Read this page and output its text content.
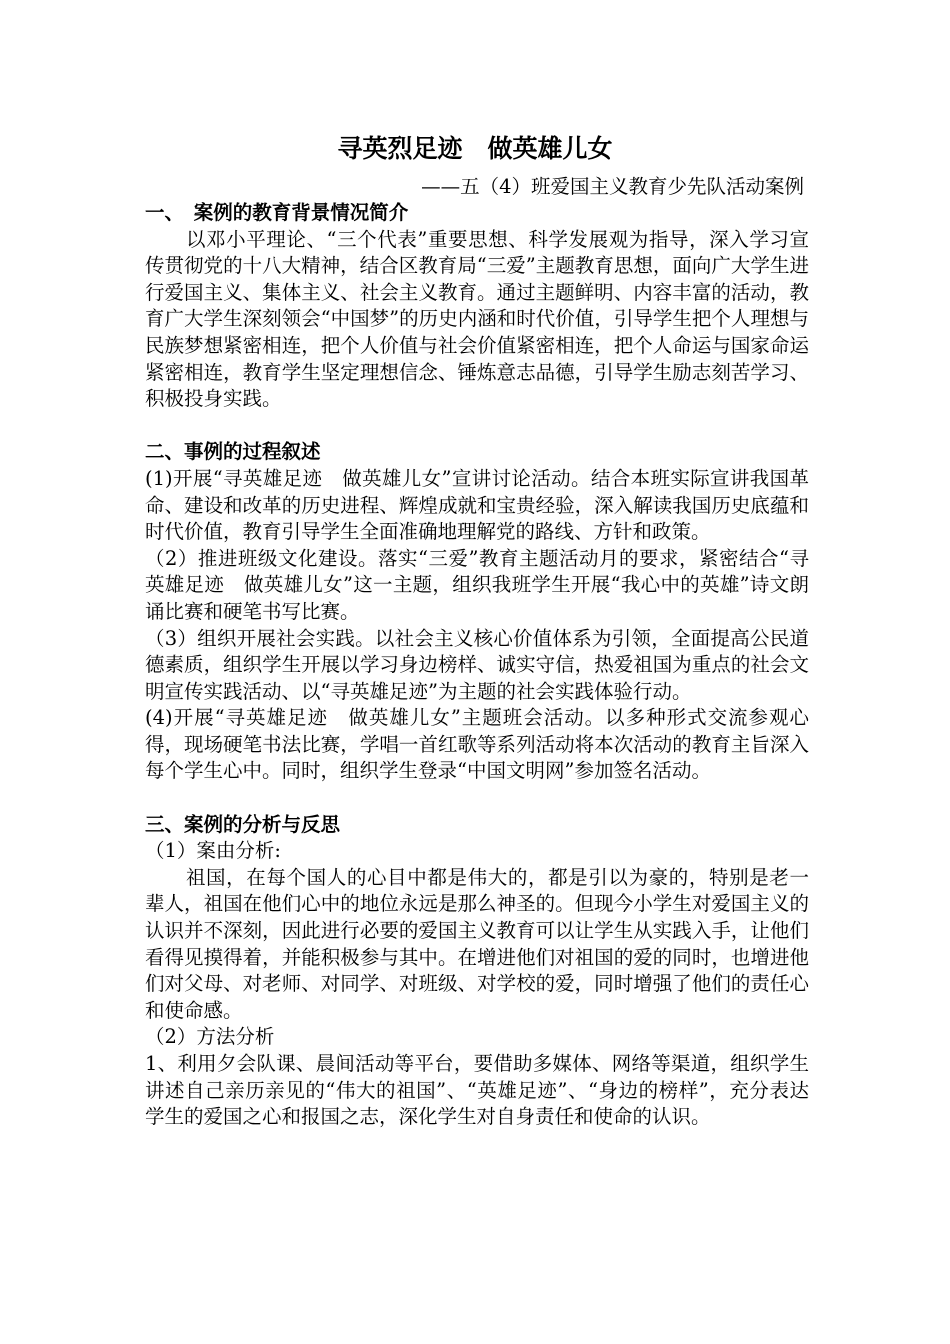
寻英烈足迹　做英雄儿女
——五（4）班爱国主义教育少先队活动案例

一、　案例的教育背景情况简介

以邓小平理论、“三个代表”重要思想、科学发展观为指导，深入学习宣传贯彻党的十八大精神，结合区教育局“三爱”主题教育思想，面向广大学生进行爱国主义、集体主义、社会主义教育。通过主题鲜明、内容丰富的活动，教育广大学生深刻领会“中国梦”的历史内涵和时代价值，引导学生把个人理想与民族梦想紧密相连，把个人价值与社会价值紧密相连，把个人命运与国家命运紧密相连，教育学生坚定理想信念、锤炼意志品德，引导学生励志刻苦学习、积极投身实践。

二、事例的过程叙述

(1)开展“寻英雄足迹　做英雄儿女”宣讲讨论活动。结合本班实际宣讲我国革命、建设和改革的历史进程、辉煌成就和宝贵经验，深入解读我国历史底蕴和时代价值，教育引导学生全面准确地理解党的路线、方针和政策。

（2）推进班级文化建设。落实“三爱”教育主题活动月的要求，紧密结合“寻英雄足迹　做英雄儿女”这一主题，组织我班学生开展“我心中的英雄”诗文朗诵比赛和硬笔书写比赛。

（3）组织开展社会实践。以社会主义核心价值体系为引领，全面提高公民道德素质，组织学生开展以学习身边榜样、诚实守信，热爱祖国为重点的社会文明宣传实践活动、以“寻英雄足迹”为主题的社会实践体验行动。

(4)开展“寻英雄足迹　做英雄儿女”主题班会活动。以多种形式交流参观心得，现场硬笔书法比赛，学唱一首红歌等系列活动将本次活动的教育主旨深入每个学生心中。同时，组织学生登录“中国文明网”参加签名活动。

三、案例的分析与反思

（1）案由分析:

祖国，在每个国人的心目中都是伟大的，都是引以为豪的，特别是老一辈人，祖国在他们心中的地位永远是那么神圣的。但现今小学生对爱国主义的认识并不深刻，因此进行必要的爱国主义教育可以让学生从实践入手，让他们看得见摸得着，并能积极参与其中。在增进他们对祖国的爱的同时，也增进他们对父母、对老师、对同学、对班级、对学校的爱，同时增强了他们的责任心和使命感。

（2）方法分析

1、利用夕会队课、晨间活动等平台，要借助多媒体、网络等渠道，组织学生讲述自己亲历亲见的“伟大的祖国”、“英雄足迹”、“身边的榜样”，充分表达学生的爱国之心和报国之志，深化学生对自身责任和使命的认识。
